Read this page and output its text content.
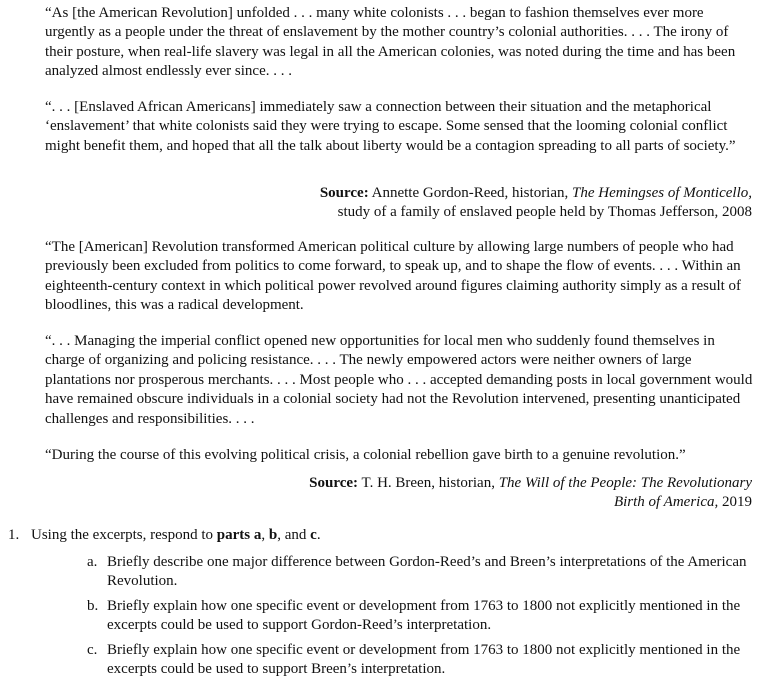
“As [the American Revolution] unfolded . . . many white colonists . . . began to fashion themselves ever more urgently as a people under the threat of enslavement by the mother country’s colonial authorities. . . . The irony of their posture, when real-life slavery was legal in all the American colonies, was noted during the time and has been analyzed almost endlessly ever since. . . .

“. . . [Enslaved African Americans] immediately saw a connection between their situation and the metaphorical ‘enslavement’ that white colonists said they were trying to escape. Some sensed that the looming colonial conflict might benefit them, and hoped that all the talk about liberty would be a contagion spreading to all parts of society.”

Source: Annette Gordon-Reed, historian, The Hemingses of Monticello,
study of a family of enslaved people held by Thomas Jefferson, 2008

“The [American] Revolution transformed American political culture by allowing large numbers of people who had previously been excluded from politics to come forward, to speak up, and to shape the flow of events. . . . Within an eighteenth-century context in which political power revolved around figures claiming authority simply as a result of bloodlines, this was a radical development.

“. . . Managing the imperial conflict opened new opportunities for local men who suddenly found themselves in charge of organizing and policing resistance. . . . The newly empowered actors were neither owners of large plantations nor prosperous merchants. . . . Most people who . . . accepted demanding posts in local government would have remained obscure individuals in a colonial society had not the Revolution intervened, presenting unanticipated challenges and responsibilities. . . .

“During the course of this evolving political crisis, a colonial rebellion gave birth to a genuine revolution.”

Source: T. H. Breen, historian, The Will of the People: The Revolutionary
Birth of America, 2019

1. Using the excerpts, respond to parts a, b, and c.

a. Briefly describe one major difference between Gordon-Reed’s and Breen’s interpretations of the American Revolution.

b. Briefly explain how one specific event or development from 1763 to 1800 not explicitly mentioned in the excerpts could be used to support Gordon-Reed’s interpretation.

c. Briefly explain how one specific event or development from 1763 to 1800 not explicitly mentioned in the excerpts could be used to support Breen’s interpretation.
